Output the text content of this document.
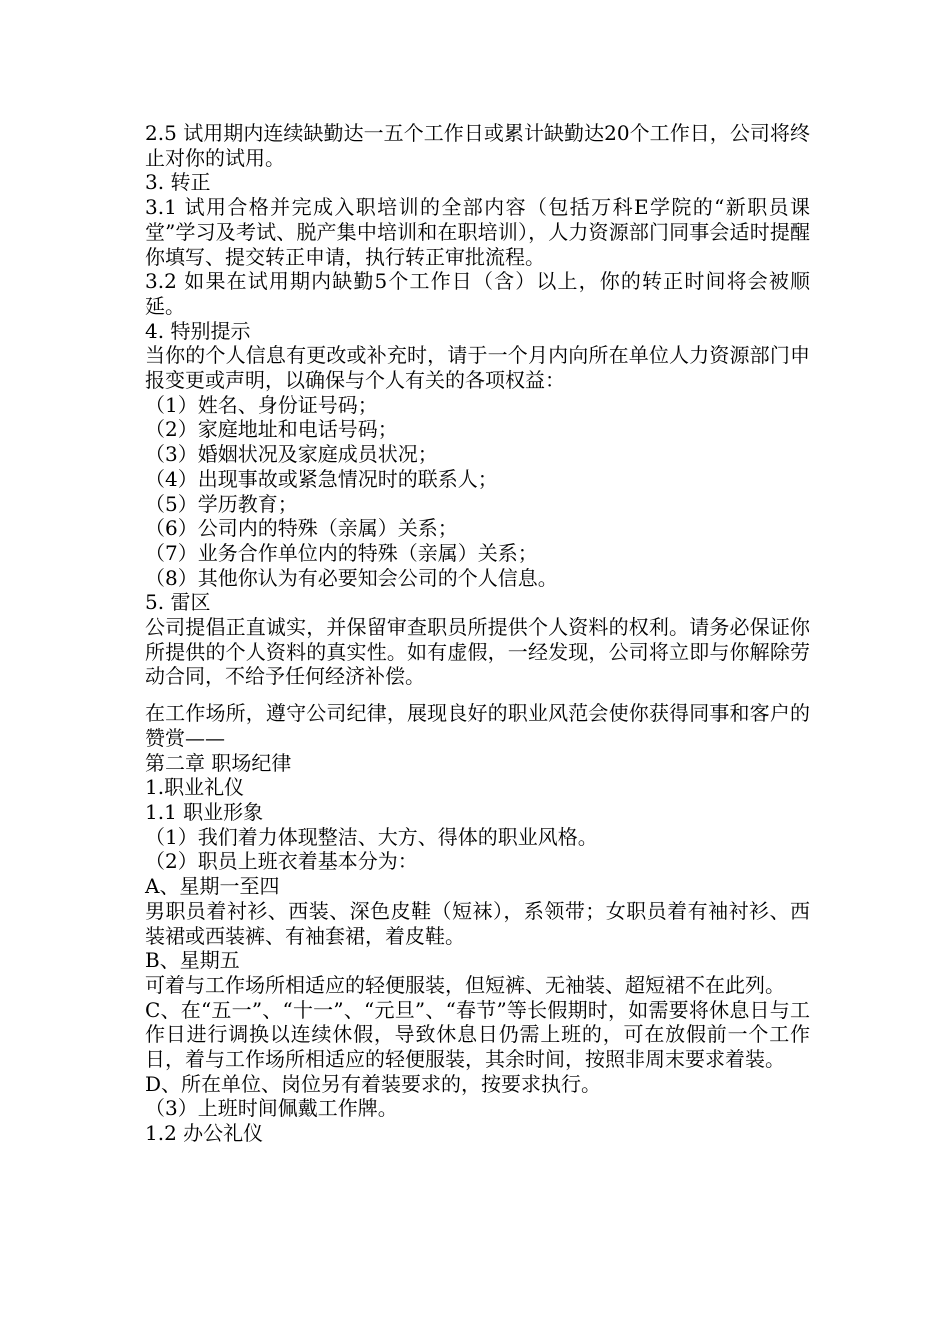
2.5 试用期内连续缺勤达一五个工作日或累计缺勤达20个工作日，公司将终止对你的试用。

3. 转正

3.1 试用合格并完成入职培训的全部内容（包括万科E学院的“新职员课堂”学习及考试、脱产集中培训和在职培训），人力资源部门同事会适时提醒你填写、提交转正申请，执行转正审批流程。

3.2 如果在试用期内缺勤5个工作日（含）以上，你的转正时间将会被顺延。

4. 特别提示

当你的个人信息有更改或补充时，请于一个月内向所在单位人力资源部门申报变更或声明，以确保与个人有关的各项权益：

（1）姓名、身份证号码；

（2）家庭地址和电话号码；

（3）婚姻状况及家庭成员状况；

（4）出现事故或紧急情况时的联系人；

（5）学历教育；

（6）公司内的特殊（亲属）关系；

（7）业务合作单位内的特殊（亲属）关系；

（8）其他你认为有必要知会公司的个人信息。

5. 雷区

公司提倡正直诚实，并保留审查职员所提供个人资料的权利。请务必保证你所提供的个人资料的真实性。如有虚假，一经发现，公司将立即与你解除劳动合同，不给予任何经济补偿。

在工作场所，遵守公司纪律，展现良好的职业风范会使你获得同事和客户的赞赏——

第二章 职场纪律

1.职业礼仪

1.1 职业形象

（1）我们着力体现整洁、大方、得体的职业风格。

（2）职员上班衣着基本分为：

A、星期一至四

男职员着衬衫、西装、深色皮鞋（短袜），系领带；女职员着有袖衬衫、西装裙或西装裤、有袖套裙，着皮鞋。

B、星期五

可着与工作场所相适应的轻便服装，但短裤、无袖装、超短裙不在此列。

C、在“五一”、“十一”、“元旦”、“春节”等长假期时，如需要将休息日与工作日进行调换以连续休假，导致休息日仍需上班的，可在放假前一个工作日，着与工作场所相适应的轻便服装，其余时间，按照非周末要求着装。

D、所在单位、岗位另有着装要求的，按要求执行。

（3）上班时间佩戴工作牌。

1.2 办公礼仪
